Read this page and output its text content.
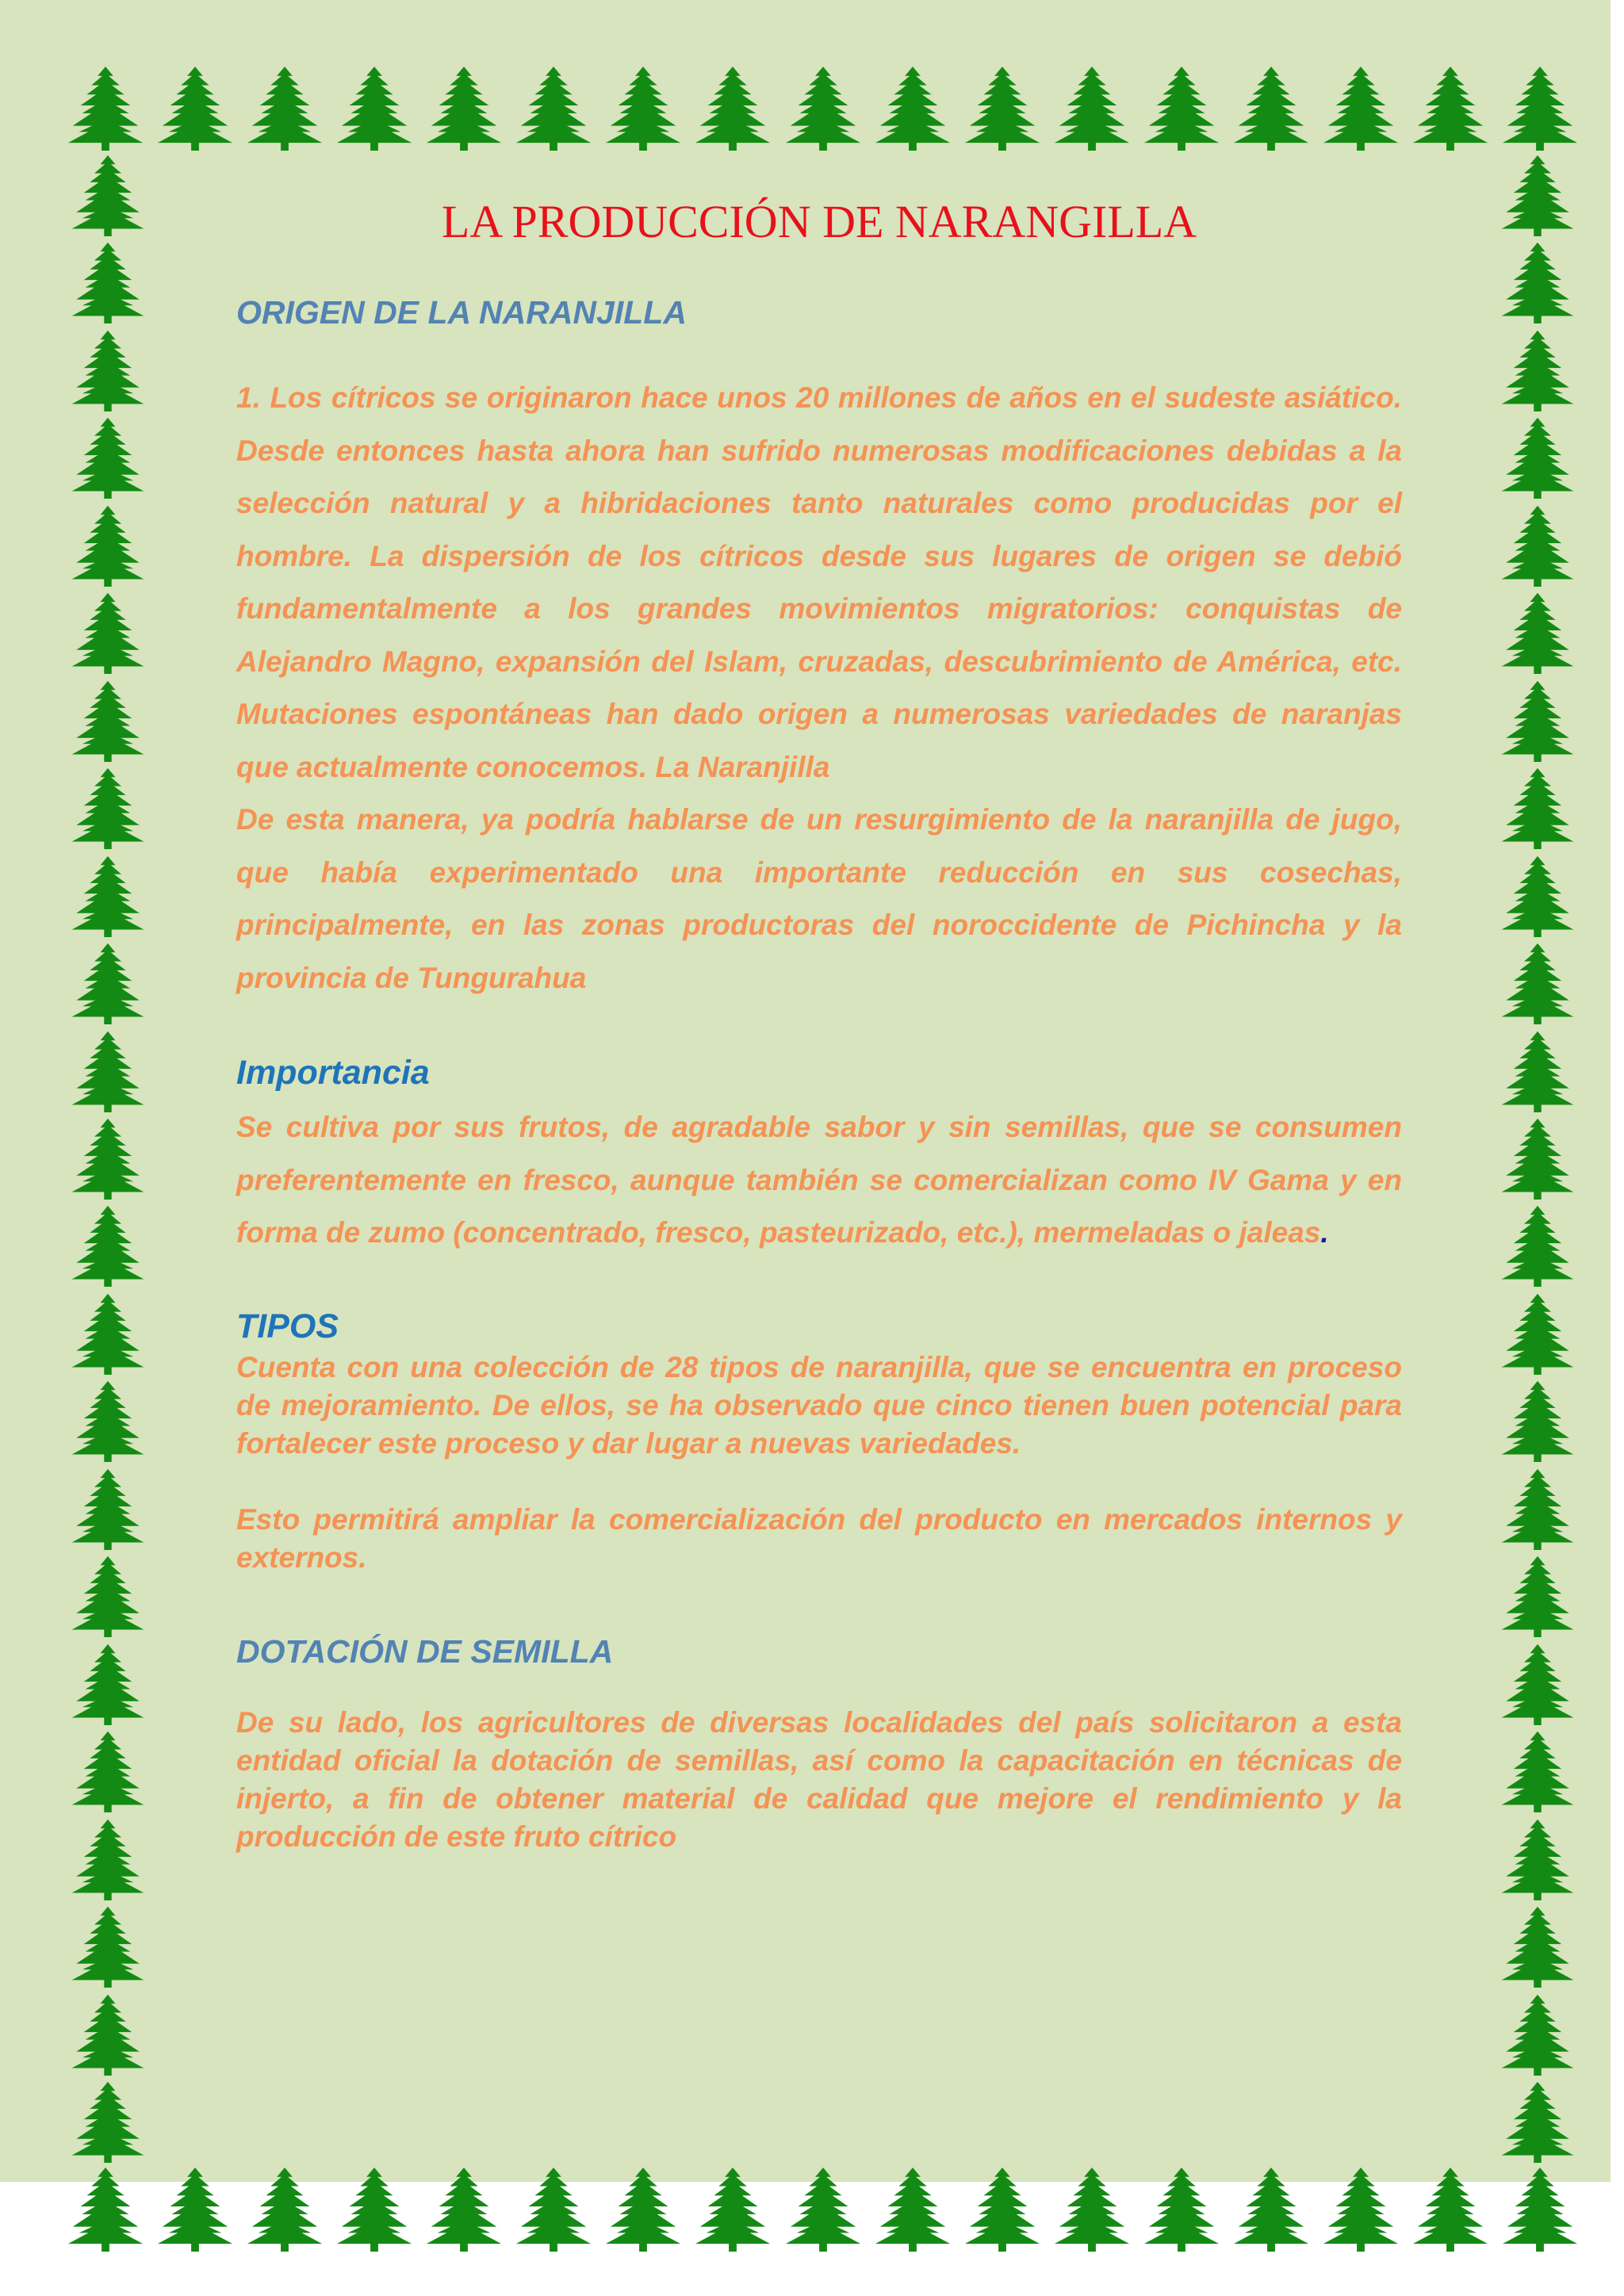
LA PRODUCCIÓN DE NARANGILLA
ORIGEN DE LA NARANJILLA

1. Los cítricos se originaron hace unos 20 millones de años en el sudeste asiático. Desde entonces hasta ahora han sufrido numerosas modificaciones debidas a la selección natural y a hibridaciones tanto naturales como producidas por el hombre. La dispersión de los cítricos desde sus lugares de origen se debió fundamentalmente a los grandes movimientos migratorios: conquistas de Alejandro Magno, expansión del Islam, cruzadas, descubrimiento de América, etc. Mutaciones espontáneas han dado origen a numerosas variedades de naranjas que actualmente conocemos. La Naranjilla

De esta manera, ya podría hablarse de un resurgimiento de la naranjilla de jugo, que había experimentado una importante reducción en sus cosechas, principalmente, en las zonas productoras del noroccidente de Pichincha y la provincia de Tungurahua

Importancia

Se cultiva por sus frutos, de agradable sabor y sin semillas, que se consumen preferentemente en fresco, aunque también se comercializan como IV Gama y en forma de zumo (concentrado, fresco, pasteurizado, etc.), mermeladas o jaleas.

TIPOS

Cuenta con una colección de 28 tipos de naranjilla, que se encuentra en proceso de mejoramiento. De ellos, se ha observado que cinco tienen buen potencial para fortalecer este proceso y dar lugar a nuevas variedades.

Esto permitirá ampliar la comercialización del producto en mercados internos y externos.

DOTACIÓN DE SEMILLA

De su lado, los agricultores de diversas localidades del país solicitaron a esta entidad oficial la dotación de semillas, así como la capacitación en técnicas de injerto, a fin de obtener material de calidad que mejore el rendimiento y la producción de este fruto cítrico
